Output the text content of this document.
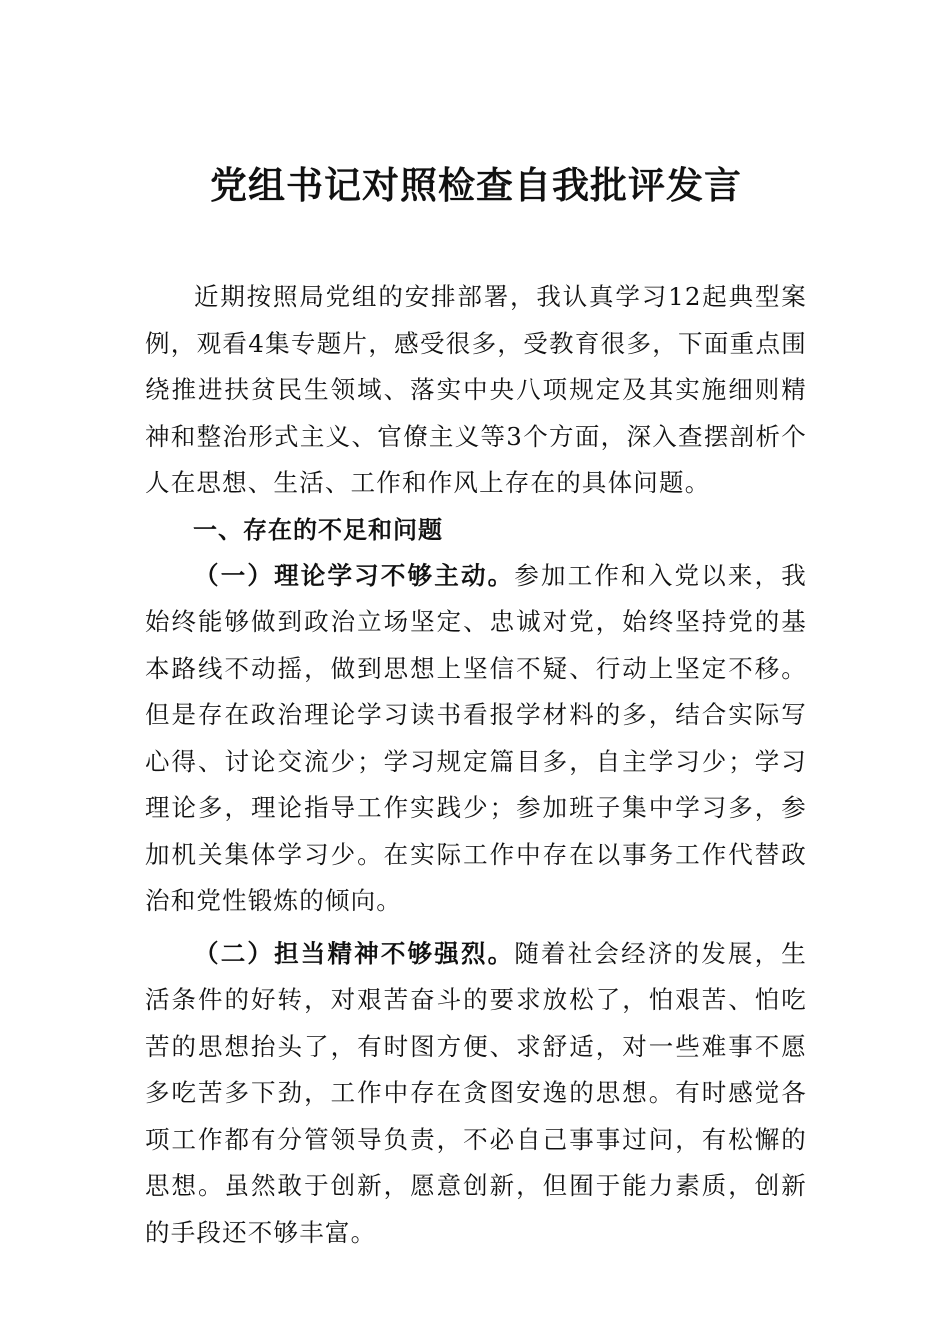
党组书记对照检查自我批评发言

近期按照局党组的安排部署，我认真学习12起典型案例，观看4集专题片，感受很多，受教育很多，下面重点围绕推进扶贫民生领域、落实中央八项规定及其实施细则精神和整治形式主义、官僚主义等3个方面，深入查摆剖析个人在思想、生活、工作和作风上存在的具体问题。

一、存在的不足和问题

（一）理论学习不够主动。参加工作和入党以来，我始终能够做到政治立场坚定、忠诚对党，始终坚持党的基本路线不动摇，做到思想上坚信不疑、行动上坚定不移。但是存在政治理论学习读书看报学材料的多，结合实际写心得、讨论交流少；学习规定篇目多，自主学习少；学习理论多，理论指导工作实践少；参加班子集中学习多，参加机关集体学习少。在实际工作中存在以事务工作代替政治和党性锻炼的倾向。

（二）担当精神不够强烈。随着社会经济的发展，生活条件的好转，对艰苦奋斗的要求放松了，怕艰苦、怕吃苦的思想抬头了，有时图方便、求舒适，对一些难事不愿多吃苦多下劲，工作中存在贪图安逸的思想。有时感觉各项工作都有分管领导负责，不必自己事事过问，有松懈的思想。虽然敢于创新，愿意创新，但囿于能力素质，创新的手段还不够丰富。
